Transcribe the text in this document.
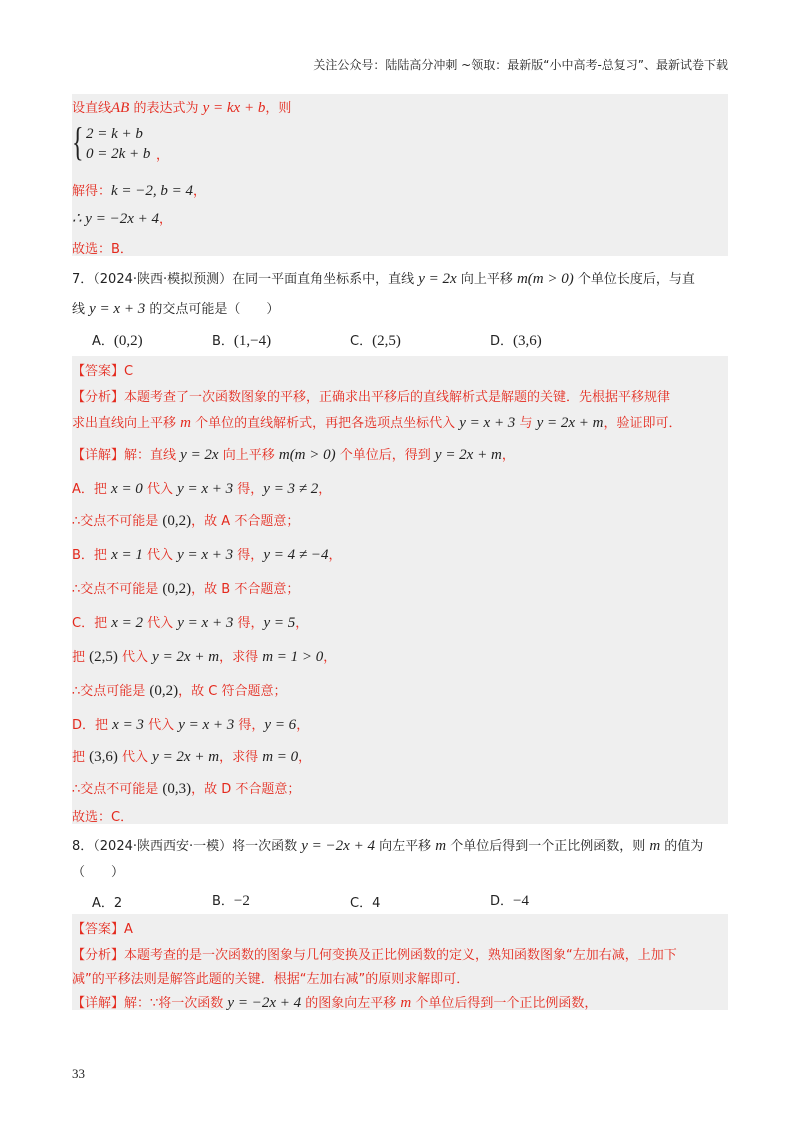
关注公众号：陆陆高分冲刺 ~领取：最新版“小中高考-总复习”、最新试卷下载
设直线AB 的表达式为 y = kx + b，则
{ 2 = k + b
0 = 2k + b ，
解得：k = −2, b = 4，
∴ y = −2x + 4，
故选：B．
7．（2024·陕西·模拟预测）在同一平面直角坐标系中，直线 y = 2x 向上平移 m(m > 0) 个单位长度后，与直
线 y = x + 3 的交点可能是（　　）
A．(0,2)	B．(1,−4)	C．(2,5)	D．(3,6)
【答案】C
【分析】本题考查了一次函数图象的平移，正确求出平移后的直线解析式是解题的关键．先根据平移规律
求出直线向上平移 m 个单位的直线解析式，再把各选项点坐标代入 y = x + 3 与 y = 2x + m，验证即可．
【详解】解：直线 y = 2x 向上平移 m(m > 0) 个单位后，得到 y = 2x + m，
A．把 x = 0 代入 y = x + 3 得，y = 3 ≠ 2，
∴交点不可能是 (0,2)，故 A 不合题意；
B．把 x = 1 代入 y = x + 3 得，y = 4 ≠ −4，
∴交点不可能是 (0,2)，故 B 不合题意；
C．把 x = 2 代入 y = x + 3 得，y = 5，
把 (2,5) 代入 y = 2x + m，求得 m = 1 > 0，
∴交点可能是 (0,2)，故 C 符合题意；
D．把 x = 3 代入 y = x + 3 得，y = 6，
把 (3,6) 代入 y = 2x + m，求得 m = 0，
∴交点不可能是 (0,3)，故 D 不合题意；
故选：C．
8．（2024·陕西西安·一模）将一次函数 y = −2x + 4 向左平移 m 个单位后得到一个正比例函数，则 m 的值为
（　　）
A．2	B．−2	C．4	D．−4
【答案】A
【分析】本题考查的是一次函数的图象与几何变换及正比例函数的定义，熟知函数图象“左加右减，上加下
减”的平移法则是解答此题的关键．根据“左加右减”的原则求解即可．
【详解】解：∵将一次函数 y = −2x + 4 的图象向左平移 m 个单位后得到一个正比例函数，
33
